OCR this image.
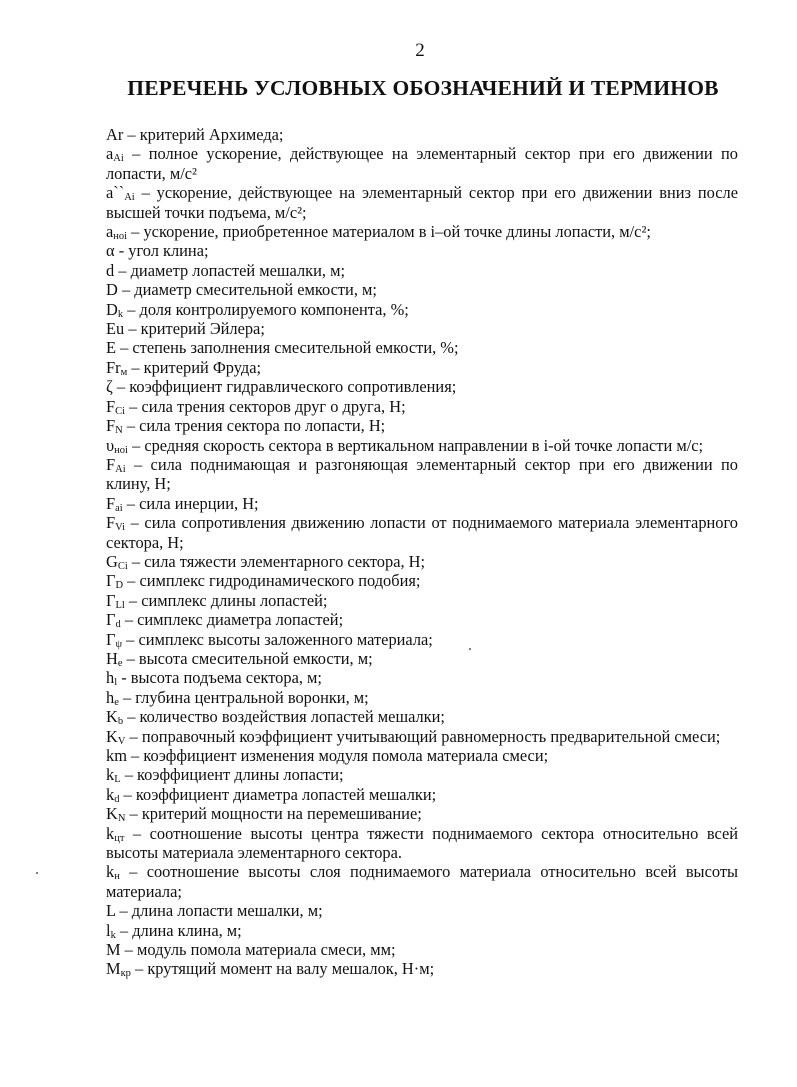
2
ПЕРЕЧЕНЬ УСЛОВНЫХ ОБОЗНАЧЕНИЙ И ТЕРМИНОВ

Ar – критерий Архимеда;

$a_{Ai}$ – полное ускорение, действующее на элементарный сектор при его движении по лопасти, м/с²

$a``_{Ai}$ – ускорение, действующее на элементарный сектор при его движении вниз после высшей точки подъема, м/с²;

$a_{ноi}$ – ускорение, приобретенное материалом в i–ой точке длины лопасти, м/с²;

α - угол клина;

d – диаметр лопастей мешалки, м;

D – диаметр смесительной емкости, м;

$D_k$ – доля контролируемого компонента, %;

Eu – критерий Эйлера;

E – степень заполнения смесительной емкости, %;

$Fr_м$ – критерий Фруда;

ζ – коэффициент гидравлического сопротивления;

$F_{Ci}$ – сила трения секторов друг о друга, Н;

$F_N$ – сила трения сектора по лопасти, Н;

$\upsilon_{нoi}$ – средняя скорость сектора в вертикальном направлении в i-ой точке лопасти м/с;

$F_{Ai}$ – сила поднимающая и разгоняющая элементарный сектор при его движении по клину, Н;

$F_{ai}$ – сила инерции, Н;

$F_{Vi}$ – сила сопротивления движению лопасти от поднимаемого материала элементарного сектора, Н;

$G_{Ci}$ – сила тяжести элементарного сектора, Н;

$Г_D$ – симплекс гидродинамического подобия;

$Г_{Ll}$ – симплекс длины лопастей;

$Г_d$ – симплекс диаметра лопастей;

$Г_\psi$ – симплекс высоты заложенного материала;

$H_e$ – высота смесительной емкости, м;

$h_l$ - высота подъема сектора, м;

$h_e$ – глубина центральной воронки, м;

$K_b$ – количество воздействия лопастей мешалки;

$K_V$ – поправочный коэффициент учитывающий равномерность предварительной смеси;

km – коэффициент изменения модуля помола материала смеси;

$k_L$ – коэффициент длины лопасти;

$k_d$ – коэффициент диаметра лопастей мешалки;

$K_N$ – критерий мощности на перемешивание;

$k_{цт}$ – соотношение высоты центра тяжести поднимаемого сектора относительно всей высоты материала элементарного сектора.

$k_н$ – соотношение высоты слоя поднимаемого материала относительно всей высоты материала;

L – длина лопасти мешалки, м;

$l_k$ – длина клина, м;

M – модуль помола материала смеси, мм;

$M_{кр}$ – крутящий момент на валу мешалок, Н·м;
